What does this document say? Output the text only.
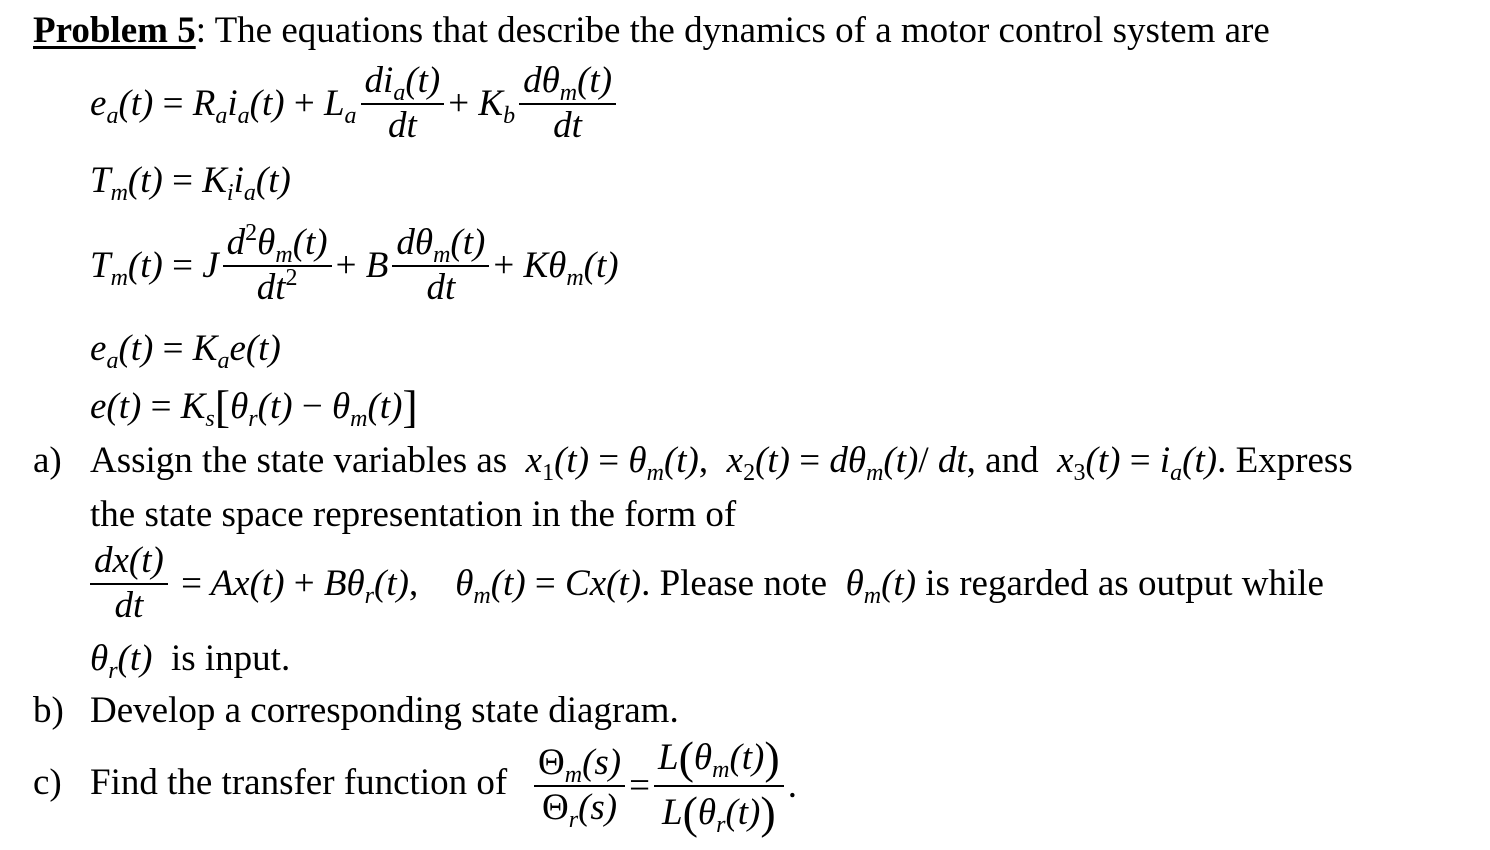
Problem 5: The equations that describe the dynamics of a motor control system are
$e_a(t) = R_ai_a(t) + L_a \frac{di_a(t)}{dt} + K_b \frac{d\theta_m(t)}{dt}$
$T_m(t) = K_ii_a(t)$
$T_m(t) = J \frac{d^2\theta_m(t)}{dt^2} + B \frac{d\theta_m(t)}{dt} + K\theta_m(t)$
$e_a(t) = K_ae(t)$
$e(t) = K_s[\theta_r(t) - \theta_m(t)]$
a) Assign the state variables as  $x_1(t) = \theta_m(t)$,  $x_2(t) = d\theta_m(t)/$ dt, and  $x_3(t) = i_a(t)$. Express
the state space representation in the form of
$\frac{dx(t)}{dt} = Ax(t) + B\theta_r(t)$,    $\theta_m(t) = Cx(t)$ . Please note $\theta_m(t)$ is regarded as output while
$\theta_r(t)$  is input.
b) Develop a corresponding state diagram.
c) Find the transfer function of $\frac{\Theta_m(s)}{\Theta_r(s)} = \frac{L(\theta_m(t))}{L(\theta_r(t))}$ .
